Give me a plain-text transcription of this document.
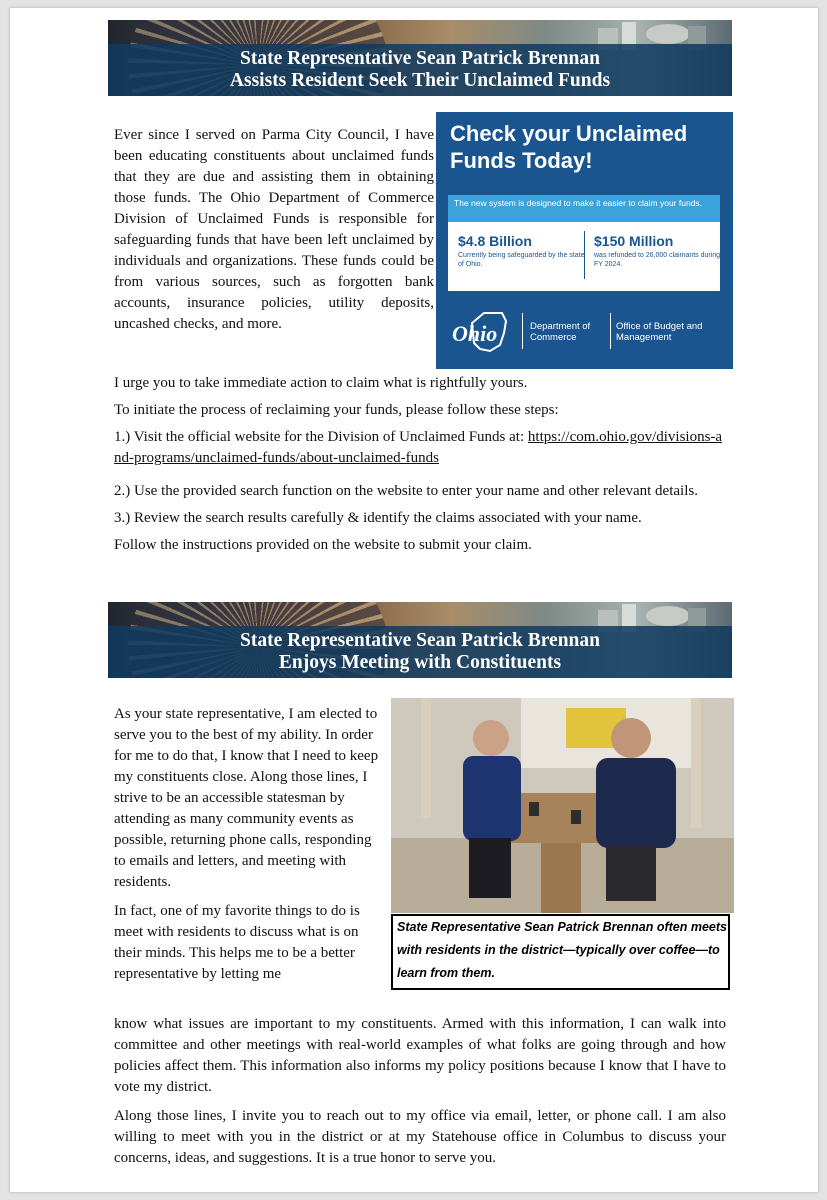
State Representative Sean Patrick Brennan
Assists Resident Seek Their Unclaimed Funds

Ever since I served on Parma City Council, I have been educating constituents about unclaimed funds that they are due and assisting them in obtaining those funds. The Ohio Department of Commerce Division of Unclaimed Funds is responsible for safeguarding funds that have been left unclaimed by individuals and organizations. These funds could be from various sources, such as forgotten bank accounts, insurance policies, utility deposits, uncashed checks, and more.

Check your Unclaimed Funds Today!
The new system is designed to make it easier to claim your funds.
$4.8 Billion
Currently being safeguarded by the state of Ohio.
$150 Million
was refunded to 26,000 claimants during FY 2024.
Ohio	Department of Commerce
Office of Budget and Management

I urge you to take immediate action to claim what is rightfully yours.

To initiate the process of reclaiming your funds, please follow these steps:

1.) Visit the official website for the Division of Unclaimed Funds at: https://com.ohio.gov/divisions-and-programs/unclaimed-funds/about-unclaimed-funds

2.) Use the provided search function on the website to enter your name and other relevant details.

3.) Review the search results carefully & identify the claims associated with your name.

Follow the instructions provided on the website to submit your claim.

State Representative Sean Patrick Brennan
Enjoys Meeting with Constituents

As your state representative, I am elected to serve you to the best of my ability. In order for me to do that, I know that I need to keep my constituents close. Along those lines, I strive to be an accessible statesman by attending as many community events as possible, returning phone calls, responding to emails and letters, and meeting with residents.

In fact, one of my favorite things to do is meet with residents to discuss what is on their minds. This helps me to be a better representative by letting me

State Representative Sean Patrick Brennan often meets with residents in the district—typically over coffee—to learn from them.

know what issues are important to my constituents. Armed with this information, I can walk into committee and other meetings with real-world examples of what folks are going through and how policies affect them. This information also informs my policy positions because I know that I have to vote my district.

Along those lines, I invite you to reach out to my office via email, letter, or phone call. I am also willing to meet with you in the district or at my Statehouse office in Columbus to discuss your concerns, ideas, and suggestions. It is a true honor to serve you.
